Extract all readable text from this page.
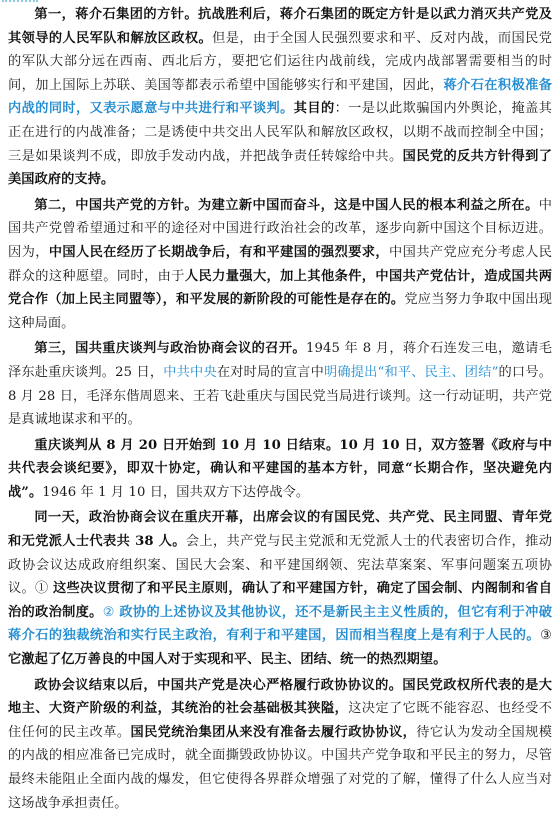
第一，蒋介石集团的方针。抗战胜利后，蒋介石集团的既定方针是以武力消灭共产党及其领导的人民军队和解放区政权。但是，由于全国人民强烈要求和平、反对内战，而国民党的军队大部分远在西南、西北后方，要把它们运往内战前线，完成内战部署需要相当的时间，加上国际上苏联、美国等都表示希望中国能够实行和平建国，因此，蒋介石在积极准备内战的同时，又表示愿意与中共进行和平谈判。其目的：一是以此欺骗国内外舆论，掩盖其正在进行的内战准备；二是诱使中共交出人民军队和解放区政权，以期不战而控制全中国；三是如果谈判不成，即放手发动内战，并把战争责任转嫁给中共。国民党的反共方针得到了美国政府的支持。

第二，中国共产党的方针。为建立新中国而奋斗，这是中国人民的根本利益之所在。中国共产党曾希望通过和平的途径对中国进行政治社会的改革，逐步向新中国这个目标迈进。因为，中国人民在经历了长期战争后，有和平建国的强烈要求，中国共产党应充分考虑人民群众的这种愿望。同时，由于人民力量强大，加上其他条件，中国共产党估计，造成国共两党合作（加上民主同盟等），和平发展的新阶段的可能性是存在的。党应当努力争取中国出现这种局面。

第三，国共重庆谈判与政治协商会议的召开。1945 年 8 月，蒋介石连发三电，邀请毛泽东赴重庆谈判。25 日，中共中央在对时局的宣言中明确提出“和平、民主、团结”的口号。8 月 28 日，毛泽东偕周恩来、王若飞赴重庆与国民党当局进行谈判。这一行动证明，共产党是真诚地谋求和平的。

重庆谈判从 8 月 20 日开始到 10 月 10 日结束。10 月 10 日，双方签署《政府与中共代表会谈纪要》，即双十协定，确认和平建国的基本方针，同意“长期合作，坚决避免内战”。1946 年 1 月 10 日，国共双方下达停战令。

同一天，政治协商会议在重庆开幕，出席会议的有国民党、共产党、民主同盟、青年党和无党派人士代表共 38 人。会上，共产党与民主党派和无党派人士的代表密切合作，推动政协会议达成政府组织案、国民大会案、和平建国纲领、宪法草案案、军事问题案五项协议。① 这些决议贯彻了和平民主原则，确认了和平建国方针，确定了国会制、内阁制和省自治的政治制度。② 政协的上述协议及其他协议，还不是新民主主义性质的，但它有利于冲破蒋介石的独裁统治和实行民主政治，有利于和平建国，因而相当程度上是有利于人民的。③ 它激起了亿万善良的中国人对于实现和平、民主、团结、统一的热烈期望。

政协会议结束以后，中国共产党是决心严格履行政协协议的。国民党政权所代表的是大地主、大资产阶级的利益，其统治的社会基础极其狭隘，这决定了它既不能容忍、也经受不住任何的民主改革。国民党统治集团从来没有准备去履行政协协议，待它认为发动全国规模的内战的相应准备已完成时，就全面撕毁政协协议。中国共产党争取和平民主的努力，尽管最终未能阻止全面内战的爆发，但它使得各界群众增强了对党的了解，懂得了什么人应当对这场战争承担责任。
